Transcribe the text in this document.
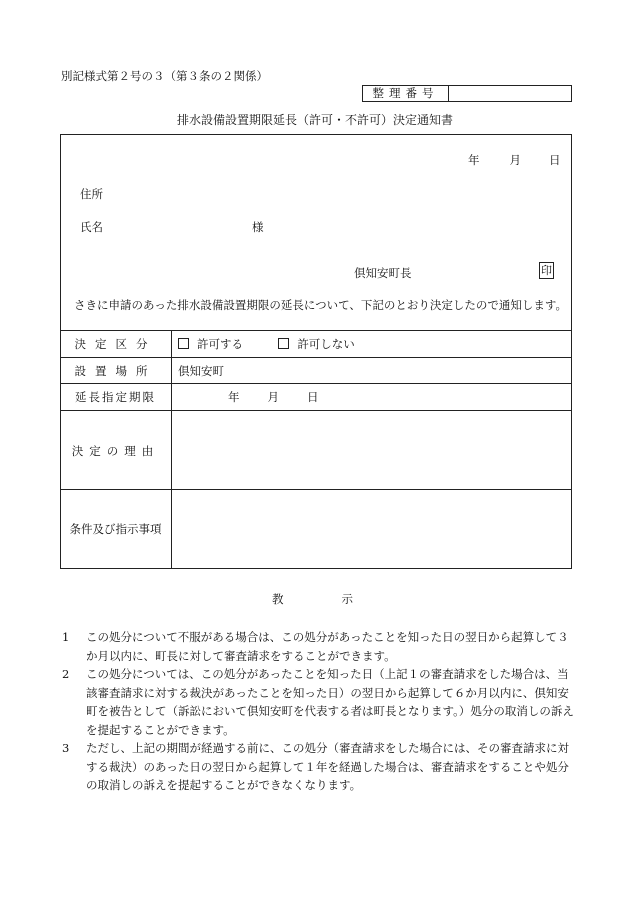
別記様式第２号の３（第３条の２関係）
整理番号
排水設備設置期限延長（許可・不許可）決定通知書
年	月 日
住所
氏名	様
倶知安町長	印
さきに申請のあった排水設備設置期限の延長について、下記のとおり決定したので通知します。
決定区分	許可する	許可しない
設置場所	倶知安町
延長指定期限	年 月 日
決定の理由
条件及び指示事項
教	示

1 この処分について不服がある場合は、この処分があったことを知った日の翌日から起算して３か月以内に、町長に対して審査請求をすることができます。

2 この処分については、この処分があったことを知った日（上記１の審査請求をした場合は、当該審査請求に対する裁決があったことを知った日）の翌日から起算して６か月以内に、倶知安町を被告として（訴訟において倶知安町を代表する者は町長となります。）処分の取消しの訴えを提起することができます。

3 ただし、上記の期間が経過する前に、この処分（審査請求をした場合には、その審査請求に対する裁決）のあった日の翌日から起算して１年を経過した場合は、審査請求をすることや処分の取消しの訴えを提起することができなくなります。
